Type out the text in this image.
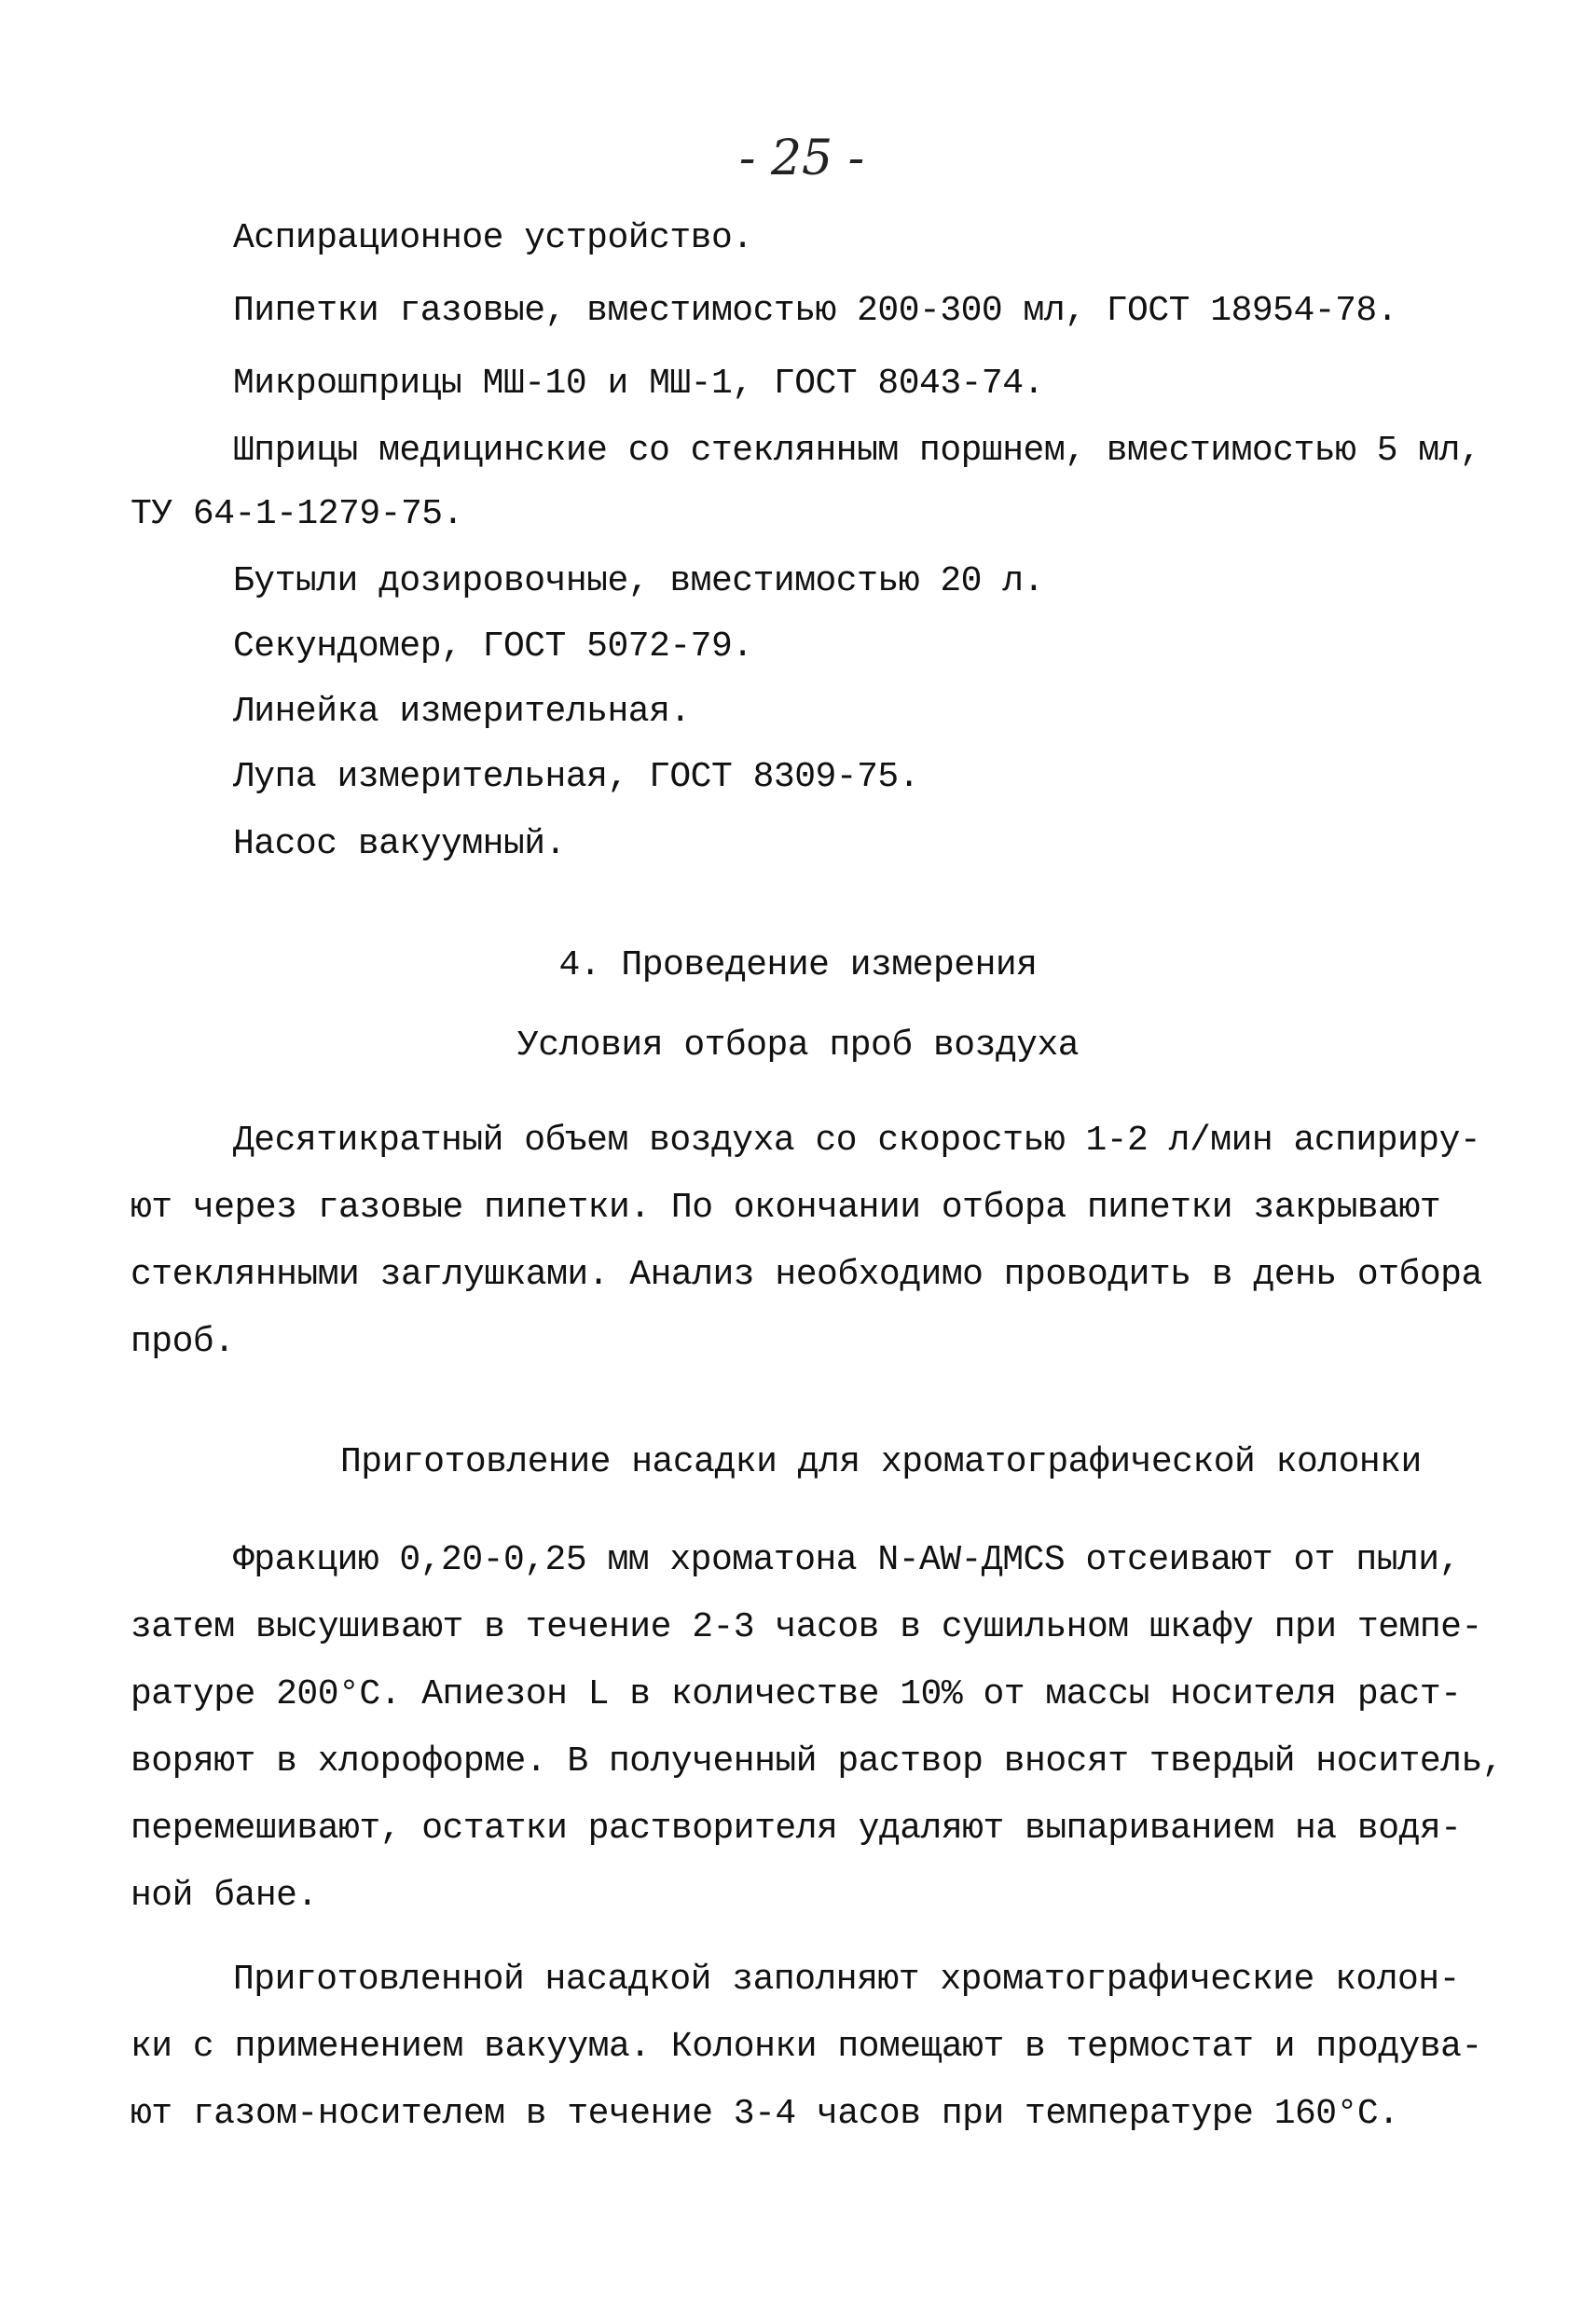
- 25 -
Аспирационное устройство.
Пипетки газовые, вместимостью 200-300 мл, ГОСТ 18954-78.
Микрошприцы МШ-10 и МШ-1, ГОСТ 8043-74.
Шприцы медицинские со стеклянным поршнем, вместимостью 5 мл,
ТУ 64-1-1279-75.
Бутыли дозировочные, вместимостью 20 л.
Секундомер, ГОСТ 5072-79.
Линейка измерительная.
Лупа измерительная, ГОСТ 8309-75.
Насос вакуумный.
4. Проведение измерения
Условия отбора проб воздуха
Десятикратный объем воздуха со скоростью 1-2 л/мин аспириру-
ют через газовые пипетки. По окончании отбора пипетки закрывают
стеклянными заглушками. Анализ необходимо проводить в день отбора
проб.
Приготовление насадки для хроматографической колонки
Фракцию 0,20-0,25 мм хроматона N-AW-ДМСS отсеивают от пыли,
затем высушивают в течение 2-3 часов в сушильном шкафу при темпе-
ратуре 200°С. Апиезон L в количестве 10% от массы носителя раст-
воряют в хлороформе. В полученный раствор вносят твердый носитель,
перемешивают, остатки растворителя удаляют выпариванием на водя-
ной бане.
Приготовленной насадкой заполняют хроматографические колон-
ки с применением вакуума. Колонки помещают в термостат и продува-
ют газом-носителем в течение 3-4 часов при температуре 160°С.
